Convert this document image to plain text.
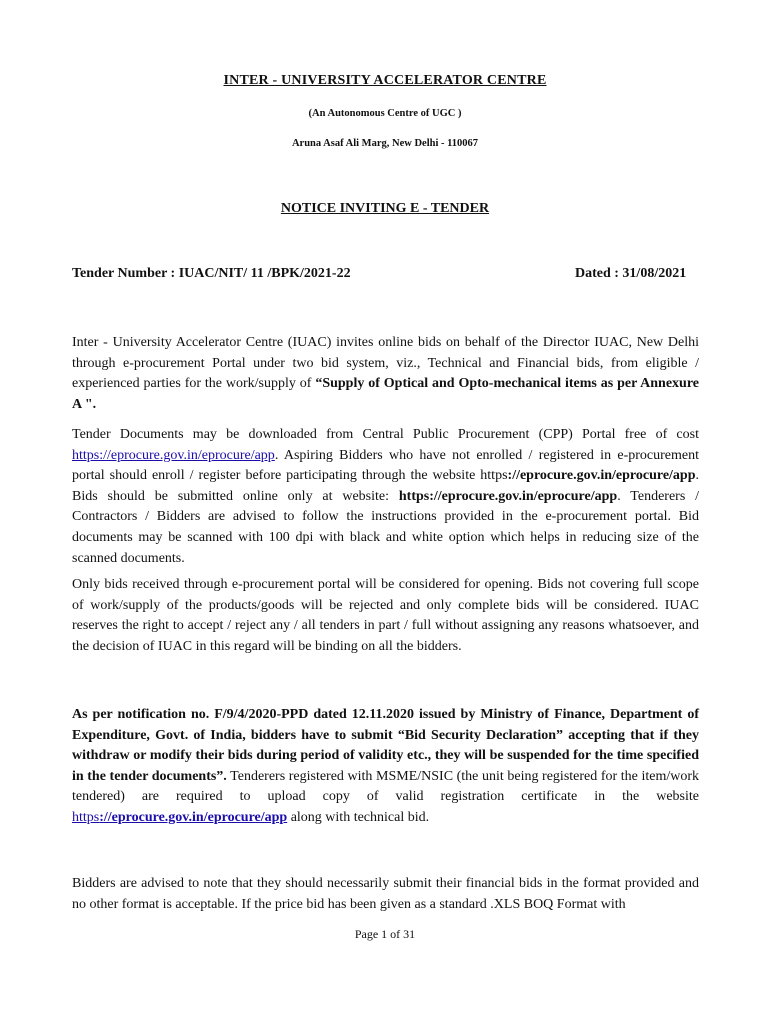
INTER - UNIVERSITY ACCELERATOR CENTRE
(An Autonomous Centre of UGC )
Aruna Asaf Ali Marg, New Delhi - 110067
NOTICE INVITING E - TENDER
Tender Number : IUAC/NIT/ 11 /BPK/2021-22	Dated : 31/08/2021
Inter - University Accelerator Centre (IUAC) invites online bids on behalf of the Director IUAC, New Delhi through e-procurement Portal under two bid system, viz., Technical and Financial bids, from eligible / experienced parties for the work/supply of “Supply of Optical and Opto-mechanical items as per Annexure A ".
Tender Documents may be downloaded from Central Public Procurement (CPP) Portal free of cost https://eprocure.gov.in/eprocure/app. Aspiring Bidders who have not enrolled / registered in e-procurement portal should enroll / register before participating through the website https://eprocure.gov.in/eprocure/app. Bids should be submitted online only at website: https://eprocure.gov.in/eprocure/app. Tenderers / Contractors / Bidders are advised to follow the instructions provided in the e-procurement portal. Bid documents may be scanned with 100 dpi with black and white option which helps in reducing size of the scanned documents.
Only bids received through e-procurement portal will be considered for opening. Bids not covering full scope of work/supply of the products/goods will be rejected and only complete bids will be considered. IUAC reserves the right to accept / reject any / all tenders in part / full without assigning any reasons whatsoever, and the decision of IUAC in this regard will be binding on all the bidders.
As per notification no. F/9/4/2020-PPD dated 12.11.2020 issued by Ministry of Finance, Department of Expenditure, Govt. of India, bidders have to submit “Bid Security Declaration” accepting that if they withdraw or modify their bids during period of validity etc., they will be suspended for the time specified in the tender documents”. Tenderers registered with MSME/NSIC (the unit being registered for the item/work tendered) are required to upload copy of valid registration certificate in the website https://eprocure.gov.in/eprocure/app along with technical bid.
Bidders are advised to note that they should necessarily submit their financial bids in the format provided and no other format is acceptable. If the price bid has been given as a standard .XLS BOQ Format with
Page 1 of 31
